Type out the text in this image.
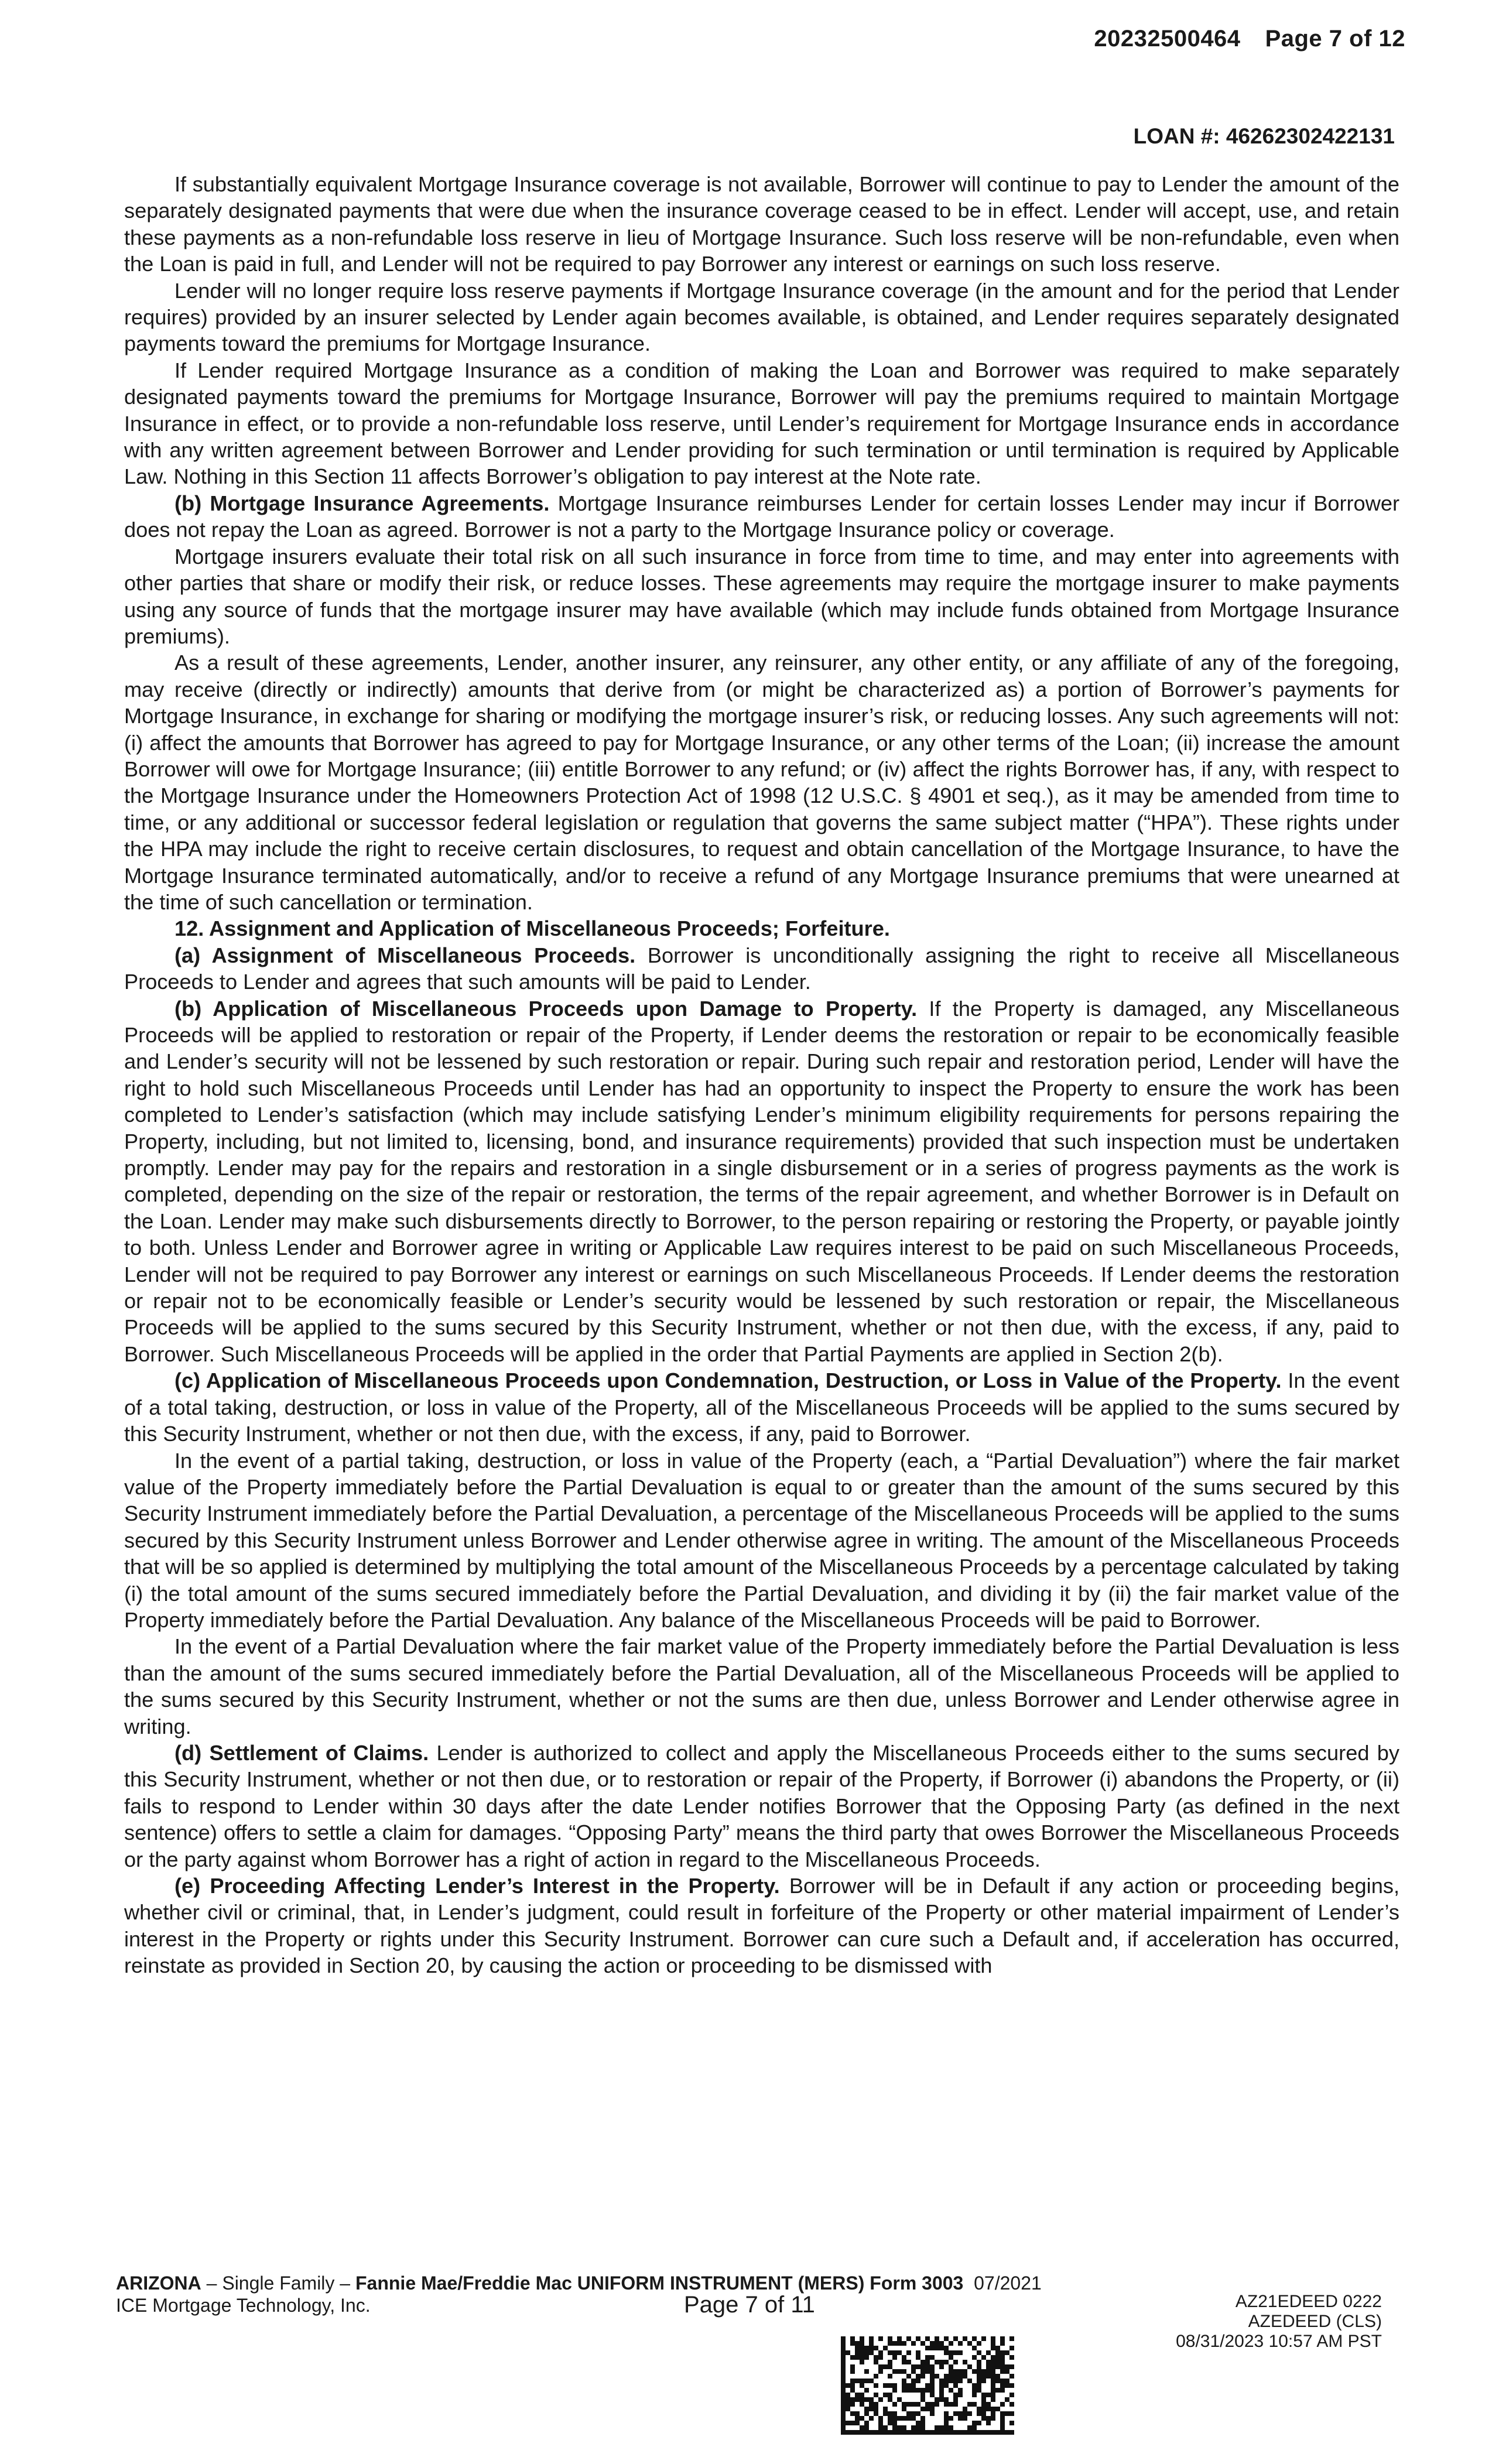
20232500464 Page 7 of 12
LOAN #: 46262302422131

If substantially equivalent Mortgage Insurance coverage is not available, Borrower will continue to pay to Lender the amount of the separately designated payments that were due when the insurance coverage ceased to be in effect. Lender will accept, use, and retain these payments as a non-refundable loss reserve in lieu of Mortgage Insurance. Such loss reserve will be non-refundable, even when the Loan is paid in full, and Lender will not be required to pay Borrower any interest or earnings on such loss reserve.

Lender will no longer require loss reserve payments if Mortgage Insurance coverage (in the amount and for the period that Lender requires) provided by an insurer selected by Lender again becomes available, is obtained, and Lender requires separately designated payments toward the premiums for Mortgage Insurance.

If Lender required Mortgage Insurance as a condition of making the Loan and Borrower was required to make separately designated payments toward the premiums for Mortgage Insurance, Borrower will pay the premiums required to maintain Mortgage Insurance in effect, or to provide a non-refundable loss reserve, until Lender’s requirement for Mortgage Insurance ends in accordance with any written agreement between Borrower and Lender providing for such termination or until termination is required by Applicable Law. Nothing in this Section 11 affects Borrower’s obligation to pay interest at the Note rate.

(b) Mortgage Insurance Agreements. Mortgage Insurance reimburses Lender for certain losses Lender may incur if Borrower does not repay the Loan as agreed. Borrower is not a party to the Mortgage Insurance policy or coverage.

Mortgage insurers evaluate their total risk on all such insurance in force from time to time, and may enter into agreements with other parties that share or modify their risk, or reduce losses. These agreements may require the mortgage insurer to make payments using any source of funds that the mortgage insurer may have available (which may include funds obtained from Mortgage Insurance premiums).

As a result of these agreements, Lender, another insurer, any reinsurer, any other entity, or any affiliate of any of the foregoing, may receive (directly or indirectly) amounts that derive from (or might be characterized as) a portion of Borrower’s payments for Mortgage Insurance, in exchange for sharing or modifying the mortgage insurer’s risk, or reducing losses. Any such agreements will not: (i) affect the amounts that Borrower has agreed to pay for Mortgage Insurance, or any other terms of the Loan; (ii) increase the amount Borrower will owe for Mortgage Insurance; (iii) entitle Borrower to any refund; or (iv) affect the rights Borrower has, if any, with respect to the Mortgage Insurance under the Homeowners Protection Act of 1998 (12 U.S.C. § 4901 et seq.), as it may be amended from time to time, or any additional or successor federal legislation or regulation that governs the same subject matter (“HPA”). These rights under the HPA may include the right to receive certain disclosures, to request and obtain cancellation of the Mortgage Insurance, to have the Mortgage Insurance terminated automatically, and/or to receive a refund of any Mortgage Insurance premiums that were unearned at the time of such cancellation or termination.

12. Assignment and Application of Miscellaneous Proceeds; Forfeiture.

(a) Assignment of Miscellaneous Proceeds. Borrower is unconditionally assigning the right to receive all Miscellaneous Proceeds to Lender and agrees that such amounts will be paid to Lender.

(b) Application of Miscellaneous Proceeds upon Damage to Property. If the Property is damaged, any Miscellaneous Proceeds will be applied to restoration or repair of the Property, if Lender deems the restoration or repair to be economically feasible and Lender’s security will not be lessened by such restoration or repair. During such repair and restoration period, Lender will have the right to hold such Miscellaneous Proceeds until Lender has had an opportunity to inspect the Property to ensure the work has been completed to Lender’s satisfaction (which may include satisfying Lender’s minimum eligibility requirements for persons repairing the Property, including, but not limited to, licensing, bond, and insurance requirements) provided that such inspection must be undertaken promptly. Lender may pay for the repairs and restoration in a single disbursement or in a series of progress payments as the work is completed, depending on the size of the repair or restoration, the terms of the repair agreement, and whether Borrower is in Default on the Loan. Lender may make such disbursements directly to Borrower, to the person repairing or restoring the Property, or payable jointly to both. Unless Lender and Borrower agree in writing or Applicable Law requires interest to be paid on such Miscellaneous Proceeds, Lender will not be required to pay Borrower any interest or earnings on such Miscellaneous Proceeds. If Lender deems the restoration or repair not to be economically feasible or Lender’s security would be lessened by such restoration or repair, the Miscellaneous Proceeds will be applied to the sums secured by this Security Instrument, whether or not then due, with the excess, if any, paid to Borrower. Such Miscellaneous Proceeds will be applied in the order that Partial Payments are applied in Section 2(b).

(c) Application of Miscellaneous Proceeds upon Condemnation, Destruction, or Loss in Value of the Property. In the event of a total taking, destruction, or loss in value of the Property, all of the Miscellaneous Proceeds will be applied to the sums secured by this Security Instrument, whether or not then due, with the excess, if any, paid to Borrower.

In the event of a partial taking, destruction, or loss in value of the Property (each, a “Partial Devaluation”) where the fair market value of the Property immediately before the Partial Devaluation is equal to or greater than the amount of the sums secured by this Security Instrument immediately before the Partial Devaluation, a percentage of the Miscellaneous Proceeds will be applied to the sums secured by this Security Instrument unless Borrower and Lender otherwise agree in writing. The amount of the Miscellaneous Proceeds that will be so applied is determined by multiplying the total amount of the Miscellaneous Proceeds by a percentage calculated by taking (i) the total amount of the sums secured immediately before the Partial Devaluation, and dividing it by (ii) the fair market value of the Property immediately before the Partial Devaluation. Any balance of the Miscellaneous Proceeds will be paid to Borrower.

In the event of a Partial Devaluation where the fair market value of the Property immediately before the Partial Devaluation is less than the amount of the sums secured immediately before the Partial Devaluation, all of the Miscellaneous Proceeds will be applied to the sums secured by this Security Instrument, whether or not the sums are then due, unless Borrower and Lender otherwise agree in writing.

(d) Settlement of Claims. Lender is authorized to collect and apply the Miscellaneous Proceeds either to the sums secured by this Security Instrument, whether or not then due, or to restoration or repair of the Property, if Borrower (i) abandons the Property, or (ii) fails to respond to Lender within 30 days after the date Lender notifies Borrower that the Opposing Party (as defined in the next sentence) offers to settle a claim for damages. “Opposing Party” means the third party that owes Borrower the Miscellaneous Proceeds or the party against whom Borrower has a right of action in regard to the Miscellaneous Proceeds.

(e) Proceeding Affecting Lender’s Interest in the Property. Borrower will be in Default if any action or proceeding begins, whether civil or criminal, that, in Lender’s judgment, could result in forfeiture of the Property or other material impairment of Lender’s interest in the Property or rights under this Security Instrument. Borrower can cure such a Default and, if acceleration has occurred, reinstate as provided in Section 20, by causing the action or proceeding to be dismissed with

ARIZONA – Single Family – Fannie Mae/Freddie Mac UNIFORM INSTRUMENT (MERS) Form 3003 07/2021
ICE Mortgage Technology, Inc.	Page 7 of 11	AZ21EDEED 0222
AZEDEED (CLS)
08/31/2023 10:57 AM PST
